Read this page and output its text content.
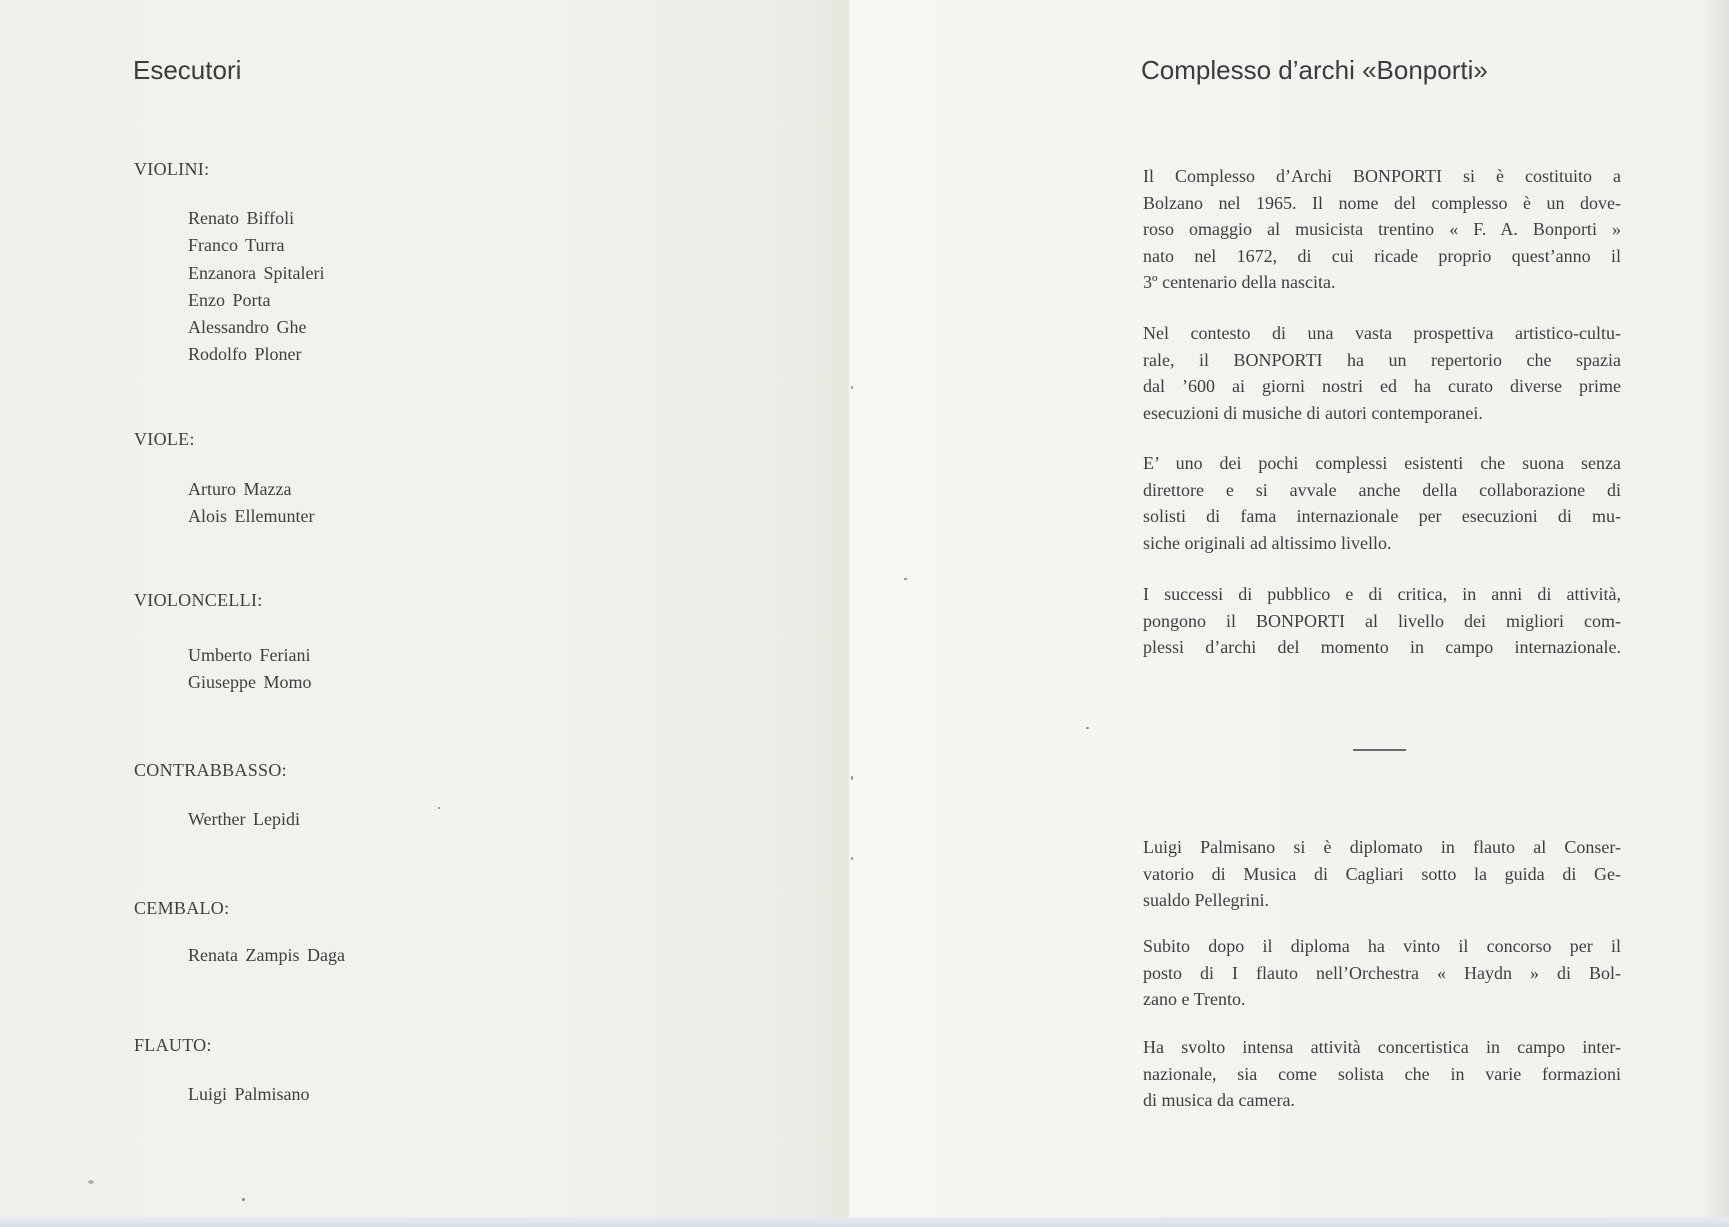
Esecutori
VIOLINI:
Renato Biffoli
Franco Turra
Enzanora Spitaleri
Enzo Porta
Alessandro Ghe
Rodolfo Ploner
VIOLE:
Arturo Mazza
Alois Ellemunter
VIOLONCELLI:
Umberto Feriani
Giuseppe Momo
CONTRABBASSO:
Werther Lepidi
CEMBALO:
Renata Zampis Daga
FLAUTO:
Luigi Palmisano
Complesso d’archi «Bonporti»
Il Complesso d’Archi BONPORTI si è costituito a
Bolzano nel 1965. Il nome del complesso è un dove-
roso omaggio al musicista trentino « F. A. Bonporti »
nato nel 1672, di cui ricade proprio quest’anno il
3º centenario della nascita.
Nel contesto di una vasta prospettiva artistico-cultu-
rale, il BONPORTI ha un repertorio che spazia
dal ’600 ai giorni nostri ed ha curato diverse prime
esecuzioni di musiche di autori contemporanei.
E’ uno dei pochi complessi esistenti che suona senza
direttore e si avvale anche della collaborazione di
solisti di fama internazionale per esecuzioni di mu-
siche originali ad altissimo livello.
I successi di pubblico e di critica, in anni di attività,
pongono il BONPORTI al livello dei migliori com-
plessi d’archi del momento in campo internazionale.
Luigi Palmisano si è diplomato in flauto al Conser-
vatorio di Musica di Cagliari sotto la guida di Ge-
sualdo Pellegrini.
Subito dopo il diploma ha vinto il concorso per il
posto di I flauto nell’Orchestra « Haydn » di Bol-
zano e Trento.
Ha svolto intensa attività concertistica in campo inter-
nazionale, sia come solista che in varie formazioni
di musica da camera.
